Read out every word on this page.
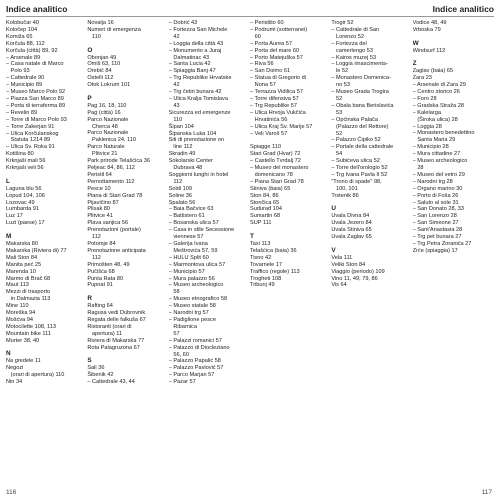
Indice analitico	Indice analitico
Kolobučar 40
Koločep 104
Komiža 65
Korčula 88, 112
Korčula (città) 89, 92
– Arsenale 89
– Casa natale di Marco
Polo 93
– Cattedrale 90
– Municipio 89
– Museo Marco Polo 92
– Piazza San Marco 89
– Porta di terraferma 89
– Revelin 89
– Torre di Marco Polo 93
– Torre Zakerjan 91
– Ulica Korčulanskog
Statuta 1214 89
– Ulica Sv. Roka 91
Kotišina 80
Krknjaši mali 56
Krknjaši veli 56
L
Laguna blu 56
Lopud 104, 106
Lozovac 49
Lumbarda 91
Luz 17
Luzi (paese) 17
M
Makarska 80
Makarska (Riviera di) 77
Mali Ston 84
Manita peć 25
Marenda 10
Marmo di Brač 68
Maut 113
Mezzi di trasporto
in Dalmazia 113
Mine 110
Moreška 94
Mošćva 94
Motocilette 108, 113
Mountain bike 111
Murter 38, 40
N
Na gredele 11
Negozi
(orari di apertura) 110
Nin 34
Novalja 16
Numeri di emergenza
110
O
Obonjan 49
Omiš 63, 110
Orebić 84
Ostelli 112
Otok Lokrum 101
P
Pag 16, 18, 110
Pag (città) 16
Parco Nazionale
Cherca 48
Parco Nazionale
Paklenica 24, 110
Parco Naturale
Plitvice 21
Park prirode Telašćica 36
Peljeac 84, 86, 112
Peristil 64
Pernottamento 112
Pesce 10
Piana di Stari Grad 78
Pijavičino 87
Plisak 80
Plitvice 41
Plava sanjica 56
Prenotazioni (portale)
112
Potomje 84
Prenotazione anticipata
112
Primošten 48, 49
Pučišća 68
Punta Rata 80
Pupnat 91
R
Rafting 64
Ragusa vedi Dubrovnik
Regata delle falkuša 67
Ristoranti (orari di
apertura) 11
Riviera di Makarska 77
Rota Palagruzona 67
S
Sali 36
Šibenik 42
– Cattedrale 43, 44
– Dobrić 43
– Fortezza San Michele
42
– Loggia della città 43
– Monumento a Juraj
Dalmatinac 43
– Santa Lucia 42
– Spiaggia Banj 47
– Trg Republike Hrvatske
42
– Trg četiri bunara 42
– Ulica Kralja Tomislava
43
Sicurezza ed emergenze
110
Šipan 104
Šipanska Luka 104
Siti di prenotazione on
line 112
Skradin 49
Sokolarski Center
Dubrava 48
Soggiorni lunghi in hotel
112
Soldi 109
Soline 36
Spalato 56
– Baia Bačvice 63
– Battistero 61
– Bosanska ulica 57
– Casa in stile Secessione
viennese 57
– Galerija Ivana
Meštrovića 57, 59
– HULU Split 60
– Marmontova ulica 57
– Municipio 57
– Mura palazzo 56
– Museo archeologico
58
– Museo etnografico 58
– Museo statale 58
– Narodni trg 57
– Padiglione pesce
Ribarnica
57
– Palazzi romanici 57
– Palazzo di Diocleziano
56, 60
– Palazzo Papalić 58
– Palazzo Pavlović 57
– Parco Marjan 57
– Pazar 57
– Peristilio 60
– Podrumi (sotterranei)
60
– Porta Aurea 57
– Porta del mare 60
– Porto Matejuška 57
– Riva 56
– San Doimo 61
– Statua di Gregorio di
Nona 57
– Terrazza Vidilica 57
– Torre difensiva 57
– Trg Republike 57
– Ulica Hrvoja Vukčića
Hrvatinića 56
– Ulica Kraj Sv. Marije 57
– Veli Varoš 57
Spiagge 110
Stari Grad (Hvar) 72
– Castello Tvrdalj 72
– Museo del monastero
domenicano 78
– Piana Stari Grad 78
Stiniva (baia) 65
Ston 84, 86
Stončica 65
Sudurađ 104
Sumartin 68
SUP 111
T
Taxi 113
Telašćica (baia) 36
Tisno 42
Tovarnele 17
Traffico (regole) 113
Trogheti 108
Tribunj 49
Trogir 52
– Cattedrale di San
Lorenzo 52
– Fortezza del
camerlengo 53
– Kairos muzej 53
– Loggia rinascimenta-
le 52
– Monastero Domenica-
no 53
– Museo Grada Trogira
52
– Obala bana Berislavića
53
– Općinska Palača
(Palazzo del Rettore)
52
– Palazzo Ćipiko 52
– Portale della cattedrale
54
– Subićeva ulica 52
– Torre dell'orologio 52
– Trg Ivana Pavla II 52
"Trono di spade" 98,
100, 101
Trstenik 86
U
Uvala Divna 84
Uvala Jezero 84
Uvala Stiniva 65
Uvala Zaglav 65
V
Vela 111
Veliki Ston 84
Viaggio (periodo) 109
Vino 11, 49, 79, 86
Vis 64
Vodice 48, 49
Vrboska 79
W
Windsurf 112
Z
Zaglav (baia) 65
Zara 23
– Arsenale di Zara 29
– Centro storico 26
– Foro 28
– Gradska Straža 28
– Kalelarga
(Široka ulica) 28
– Loggia 28
– Monastero benedettino
Santa Maria 29
– Municipio 28
– Mura cittadine 27
– Museo archeologico
28
– Museo del vetro 29
– Narodni trg 28
– Organo marino 30
– Porto di Foša 26
– Saluto al sole 31
– San Donato 28, 33
– San Lorenzo 28
– San Simeone 27
– Sant'Anastasia 28
– Trg pet bunara 27
– Trg Petra Zoranića 27
Zrće (spiaggia) 17
116	117
